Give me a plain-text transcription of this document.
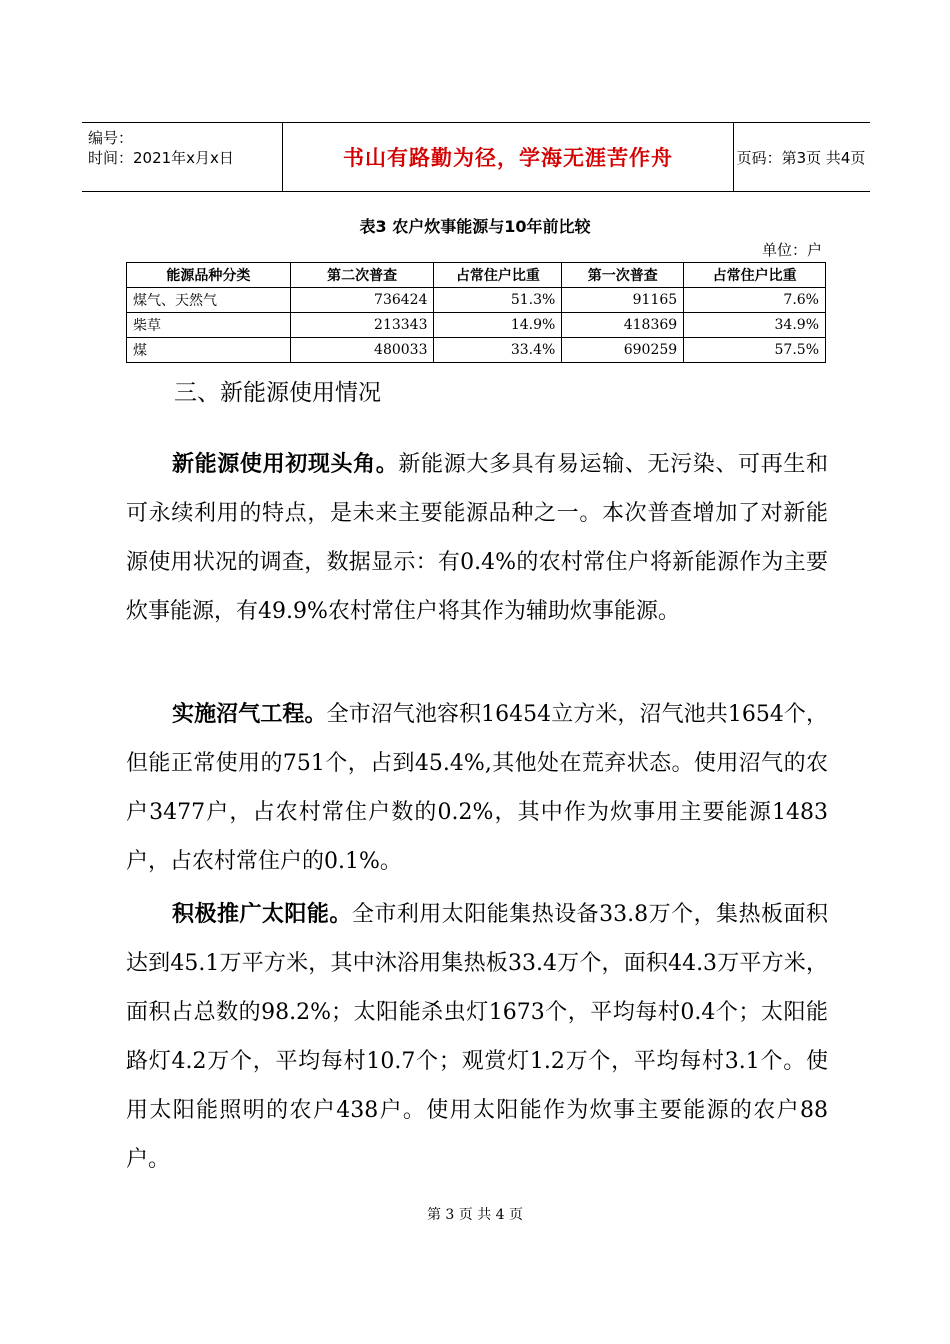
编号：
时间：2021年x月x日	书山有路勤为径，学海无涯苦作舟	页码：第3页 共4页
表3 农户炊事能源与10年前比较
单位：户
能源品种分类	第二次普查	占常住户比重	第一次普查	占常住户比重
煤气、天然气	736424	51.3%	91165	7.6%
柴草	213343	14.9%	418369	34.9%
煤	480033	33.4%	690259	57.5%
三、新能源使用情况

新能源使用初现头角。新能源大多具有易运输、无污染、可再生和可永续利用的特点，是未来主要能源品种之一。本次普查增加了对新能源使用状况的调查，数据显示：有0.4%的农村常住户将新能源作为主要炊事能源，有49.9%农村常住户将其作为辅助炊事能源。

实施沼气工程。全市沼气池容积16454立方米，沼气池共1654个，但能正常使用的751个，占到45.4%,其他处在荒弃状态。使用沼气的农户3477户，占农村常住户数的0.2%，其中作为炊事用主要能源1483户，占农村常住户的0.1%。

积极推广太阳能。全市利用太阳能集热设备33.8万个，集热板面积达到45.1万平方米，其中沐浴用集热板33.4万个，面积44.3万平方米，面积占总数的98.2%；太阳能杀虫灯1673个，平均每村0.4个；太阳能路灯4.2万个，平均每村10.7个；观赏灯1.2万个，平均每村3.1个。使用太阳能照明的农户438户。使用太阳能作为炊事主要能源的农户88户。

第 3 页 共 4 页
